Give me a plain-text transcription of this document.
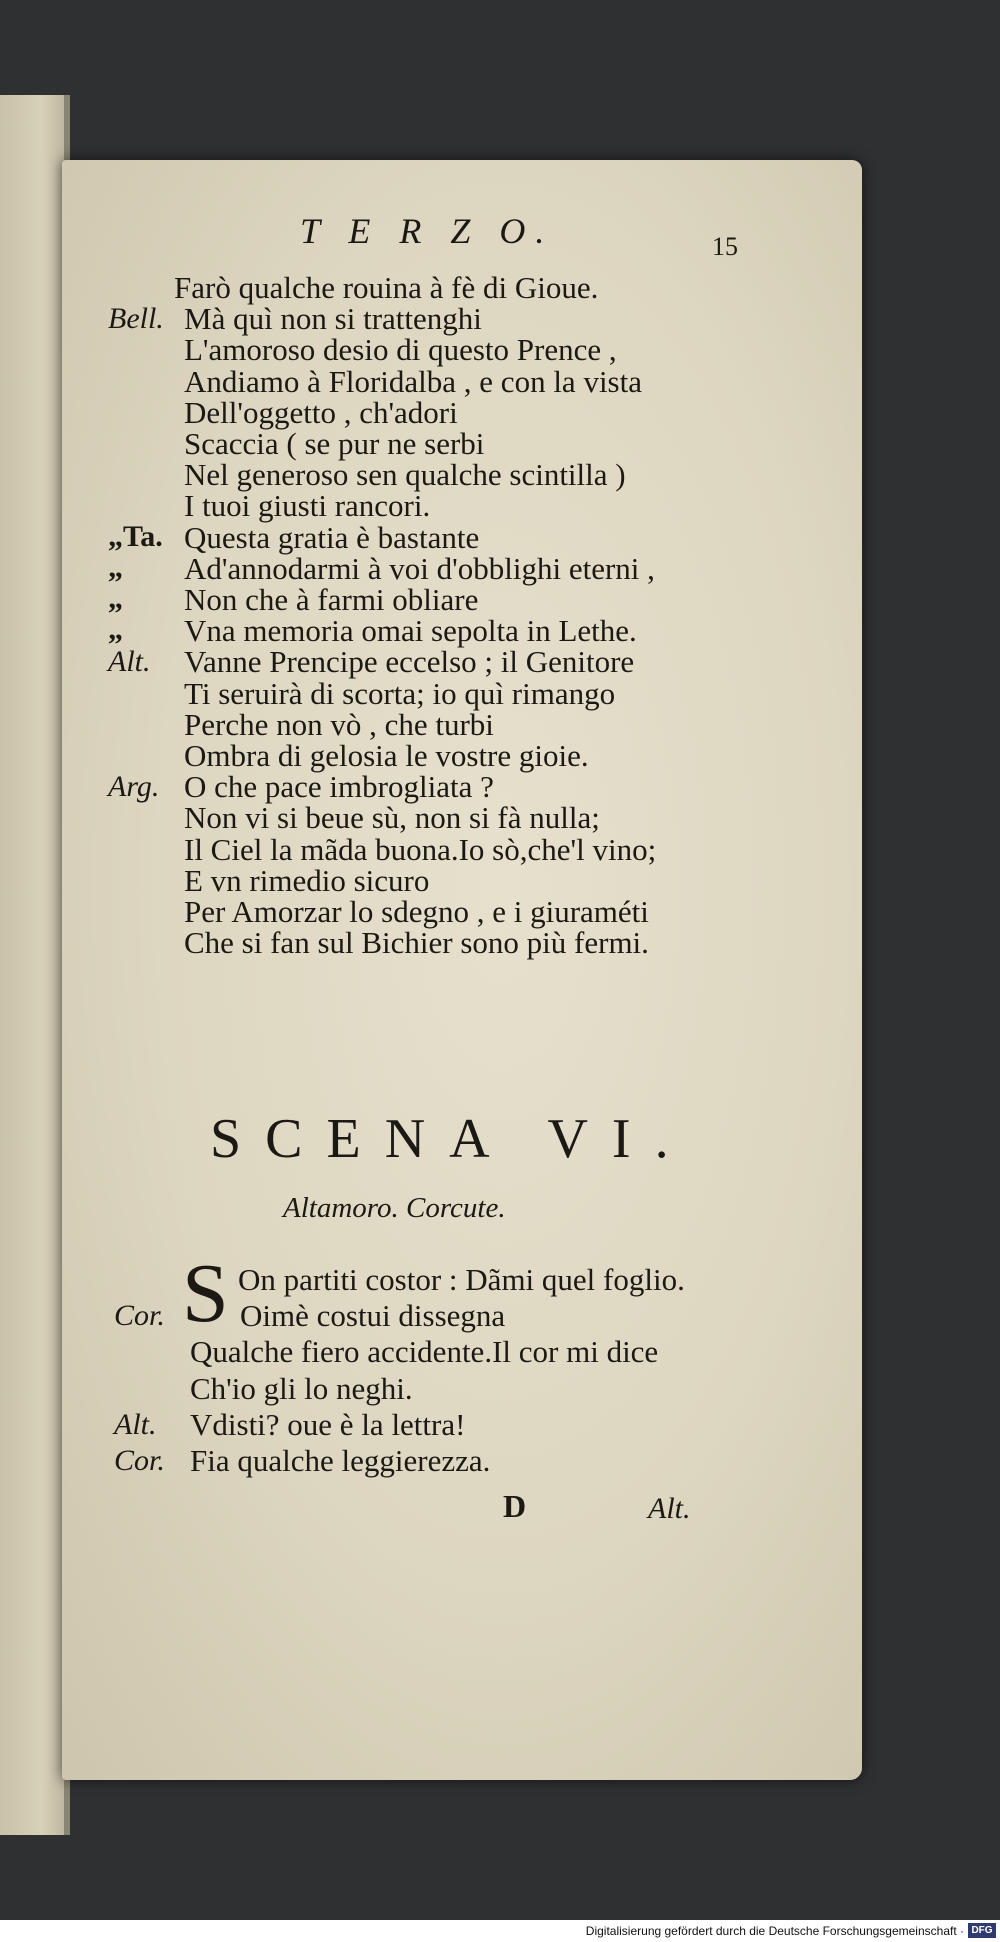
T E R Z O.	15
Farò qualche rouina à fè di Gioue.
Bell. Mà quì non si trattenghi
L'amoroso desio di questo Prence ,
Andiamo à Floridalba , e con la vista
Dell'oggetto , ch'adori
Scaccia ( se pur ne serbi
Nel generoso sen qualche scintilla )
I tuoi giusti rancori.
„Ta. Questa gratia è bastante
„ Ad'annodarmi à voi d'obblighi eterni ,
„ Non che à farmi obliare
„ Vna memoria omai sepolta in Lethe.
Alt. Vanne Prencipe eccelso ; il Genitore
Ti seruirà di scorta; io quì rimango
Perche non vò , che turbi
Ombra di gelosia le vostre gioie.
Arg. O che pace imbrogliata ?
Non vi si beue sù, non si fà nulla;
Il Ciel la mãda buona.Io sò,che'l vino;
E vn rimedio sicuro
Per Amorzar lo sdegno , e i giuraméti
Che si fan sul Bichier sono più fermi.
SCENA VI.
Altamoro. Corcute.
S On partiti costor : Dãmi quel foglio.
Cor. Oimè costui dissegna
Qualche fiero accidente.Il cor mi dice
Ch'io gli lo neghi.
Alt. Vdisti? oue è la lettra!
Cor. Fia qualche leggierezza.
D	Alt.
Digitalisierung gefördert durch die Deutsche Forschungsgemeinschaft · DFG
